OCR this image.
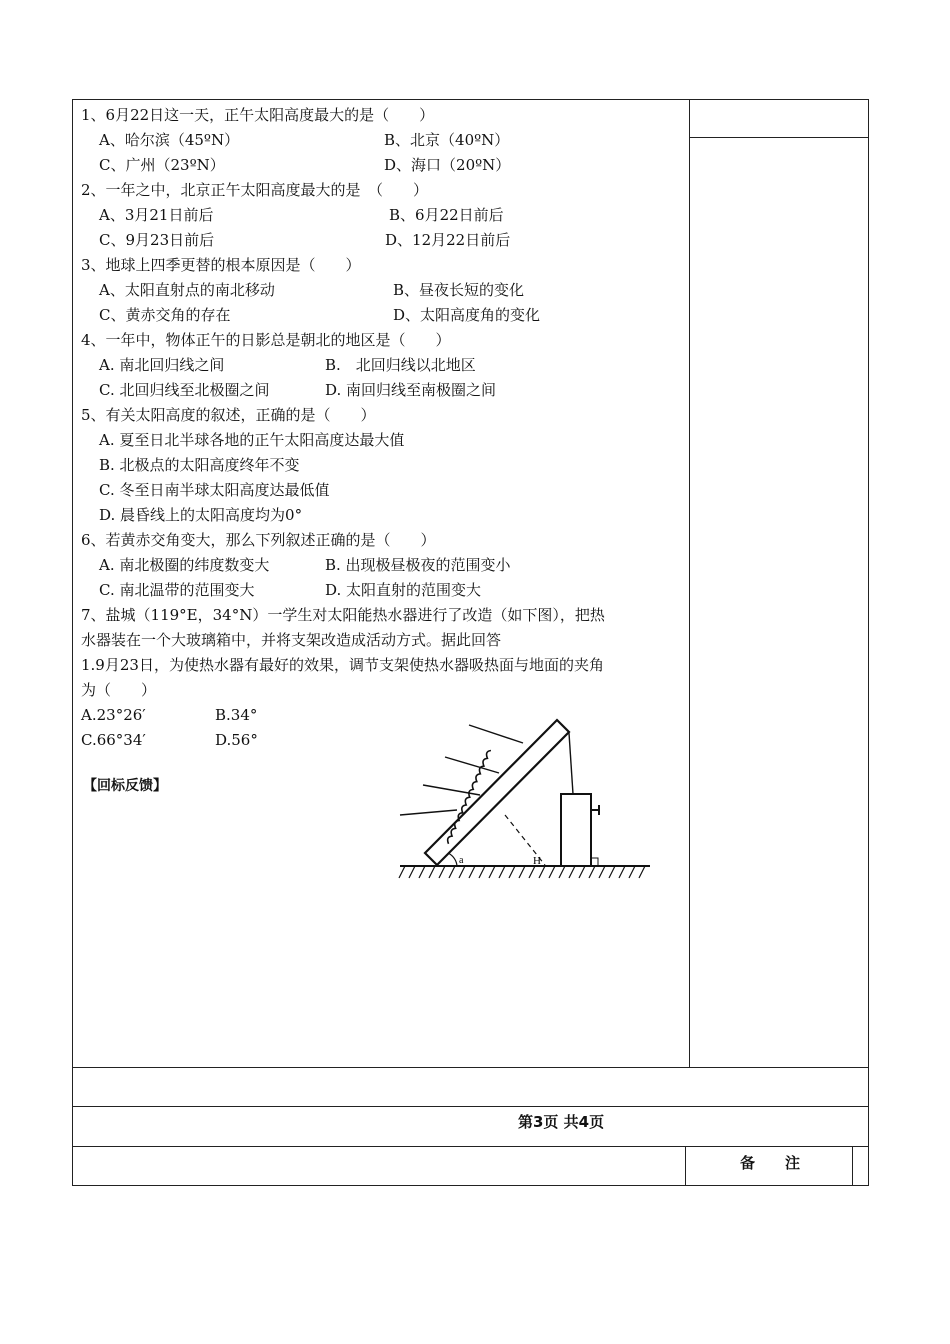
1、6月22日这一天，正午太阳高度最大的是（　　）
A、哈尔滨（45ºN）	B、北京（40ºN）
C、广州（23ºN）	D、海口（20ºN）
2、一年之中，北京正午太阳高度最大的是　（　　）
A、3月21日前后	B、6月22日前后
C、9月23日前后	D、12月22日前后
3、地球上四季更替的根本原因是（　　）
A、太阳直射点的南北移动	B、昼夜长短的变化
C、黄赤交角的存在	D、太阳高度角的变化
4、一年中，物体正午的日影总是朝北的地区是（　　）
A. 南北回归线之间	B.　北回归线以北地区
C. 北回归线至北极圈之间	D. 南回归线至南极圈之间
5、有关太阳高度的叙述，正确的是（　　）
A. 夏至日北半球各地的正午太阳高度达最大值
B. 北极点的太阳高度终年不变
C. 冬至日南半球太阳高度达最低值
D. 晨昏线上的太阳高度均为0°
6、若黄赤交角变大，那么下列叙述正确的是（　　）
A. 南北极圈的纬度数变大	B. 出现极昼极夜的范围变小
C. 南北温带的范围变大	D. 太阳直射的范围变大
7、盐城（119°E，34°N）一学生对太阳能热水器进行了改造（如下图），把热
水器装在一个大玻璃箱中，并将支架改造成活动方式。据此回答
1.9月23日，为使热水器有最好的效果，调节支架使热水器吸热面与地面的夹角
为（　　）
A.23°26′	B.34°
C.66°34′	D.56°
【回标反馈】
a	H
第3页 共4页
备　　注
